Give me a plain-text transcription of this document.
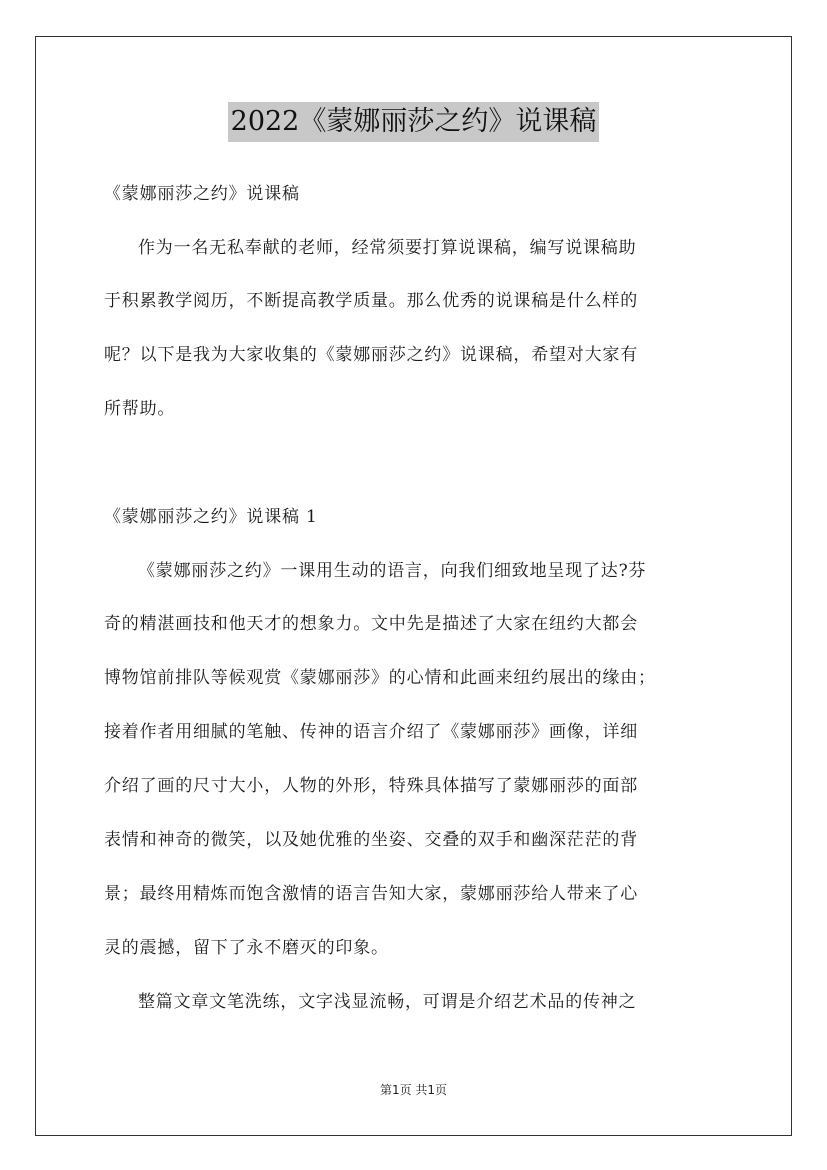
2022《蒙娜丽莎之约》说课稿
《蒙娜丽莎之约》说课稿
作为一名无私奉献的老师，经常须要打算说课稿，编写说课稿助
于积累教学阅历，不断提高教学质量。那么优秀的说课稿是什么样的
呢？以下是我为大家收集的《蒙娜丽莎之约》说课稿，希望对大家有
所帮助。
《蒙娜丽莎之约》说课稿 1
《蒙娜丽莎之约》一课用生动的语言，向我们细致地呈现了达?芬
奇的精湛画技和他天才的想象力。文中先是描述了大家在纽约大都会
博物馆前排队等候观赏《蒙娜丽莎》的心情和此画来纽约展出的缘由；
接着作者用细腻的笔触、传神的语言介绍了《蒙娜丽莎》画像，详细
介绍了画的尺寸大小，人物的外形，特殊具体描写了蒙娜丽莎的面部
表情和神奇的微笑，以及她优雅的坐姿、交叠的双手和幽深茫茫的背
景；最终用精炼而饱含激情的语言告知大家，蒙娜丽莎给人带来了心
灵的震撼，留下了永不磨灭的印象。
整篇文章文笔洗练，文字浅显流畅，可谓是介绍艺术品的传神之
第1页 共1页
